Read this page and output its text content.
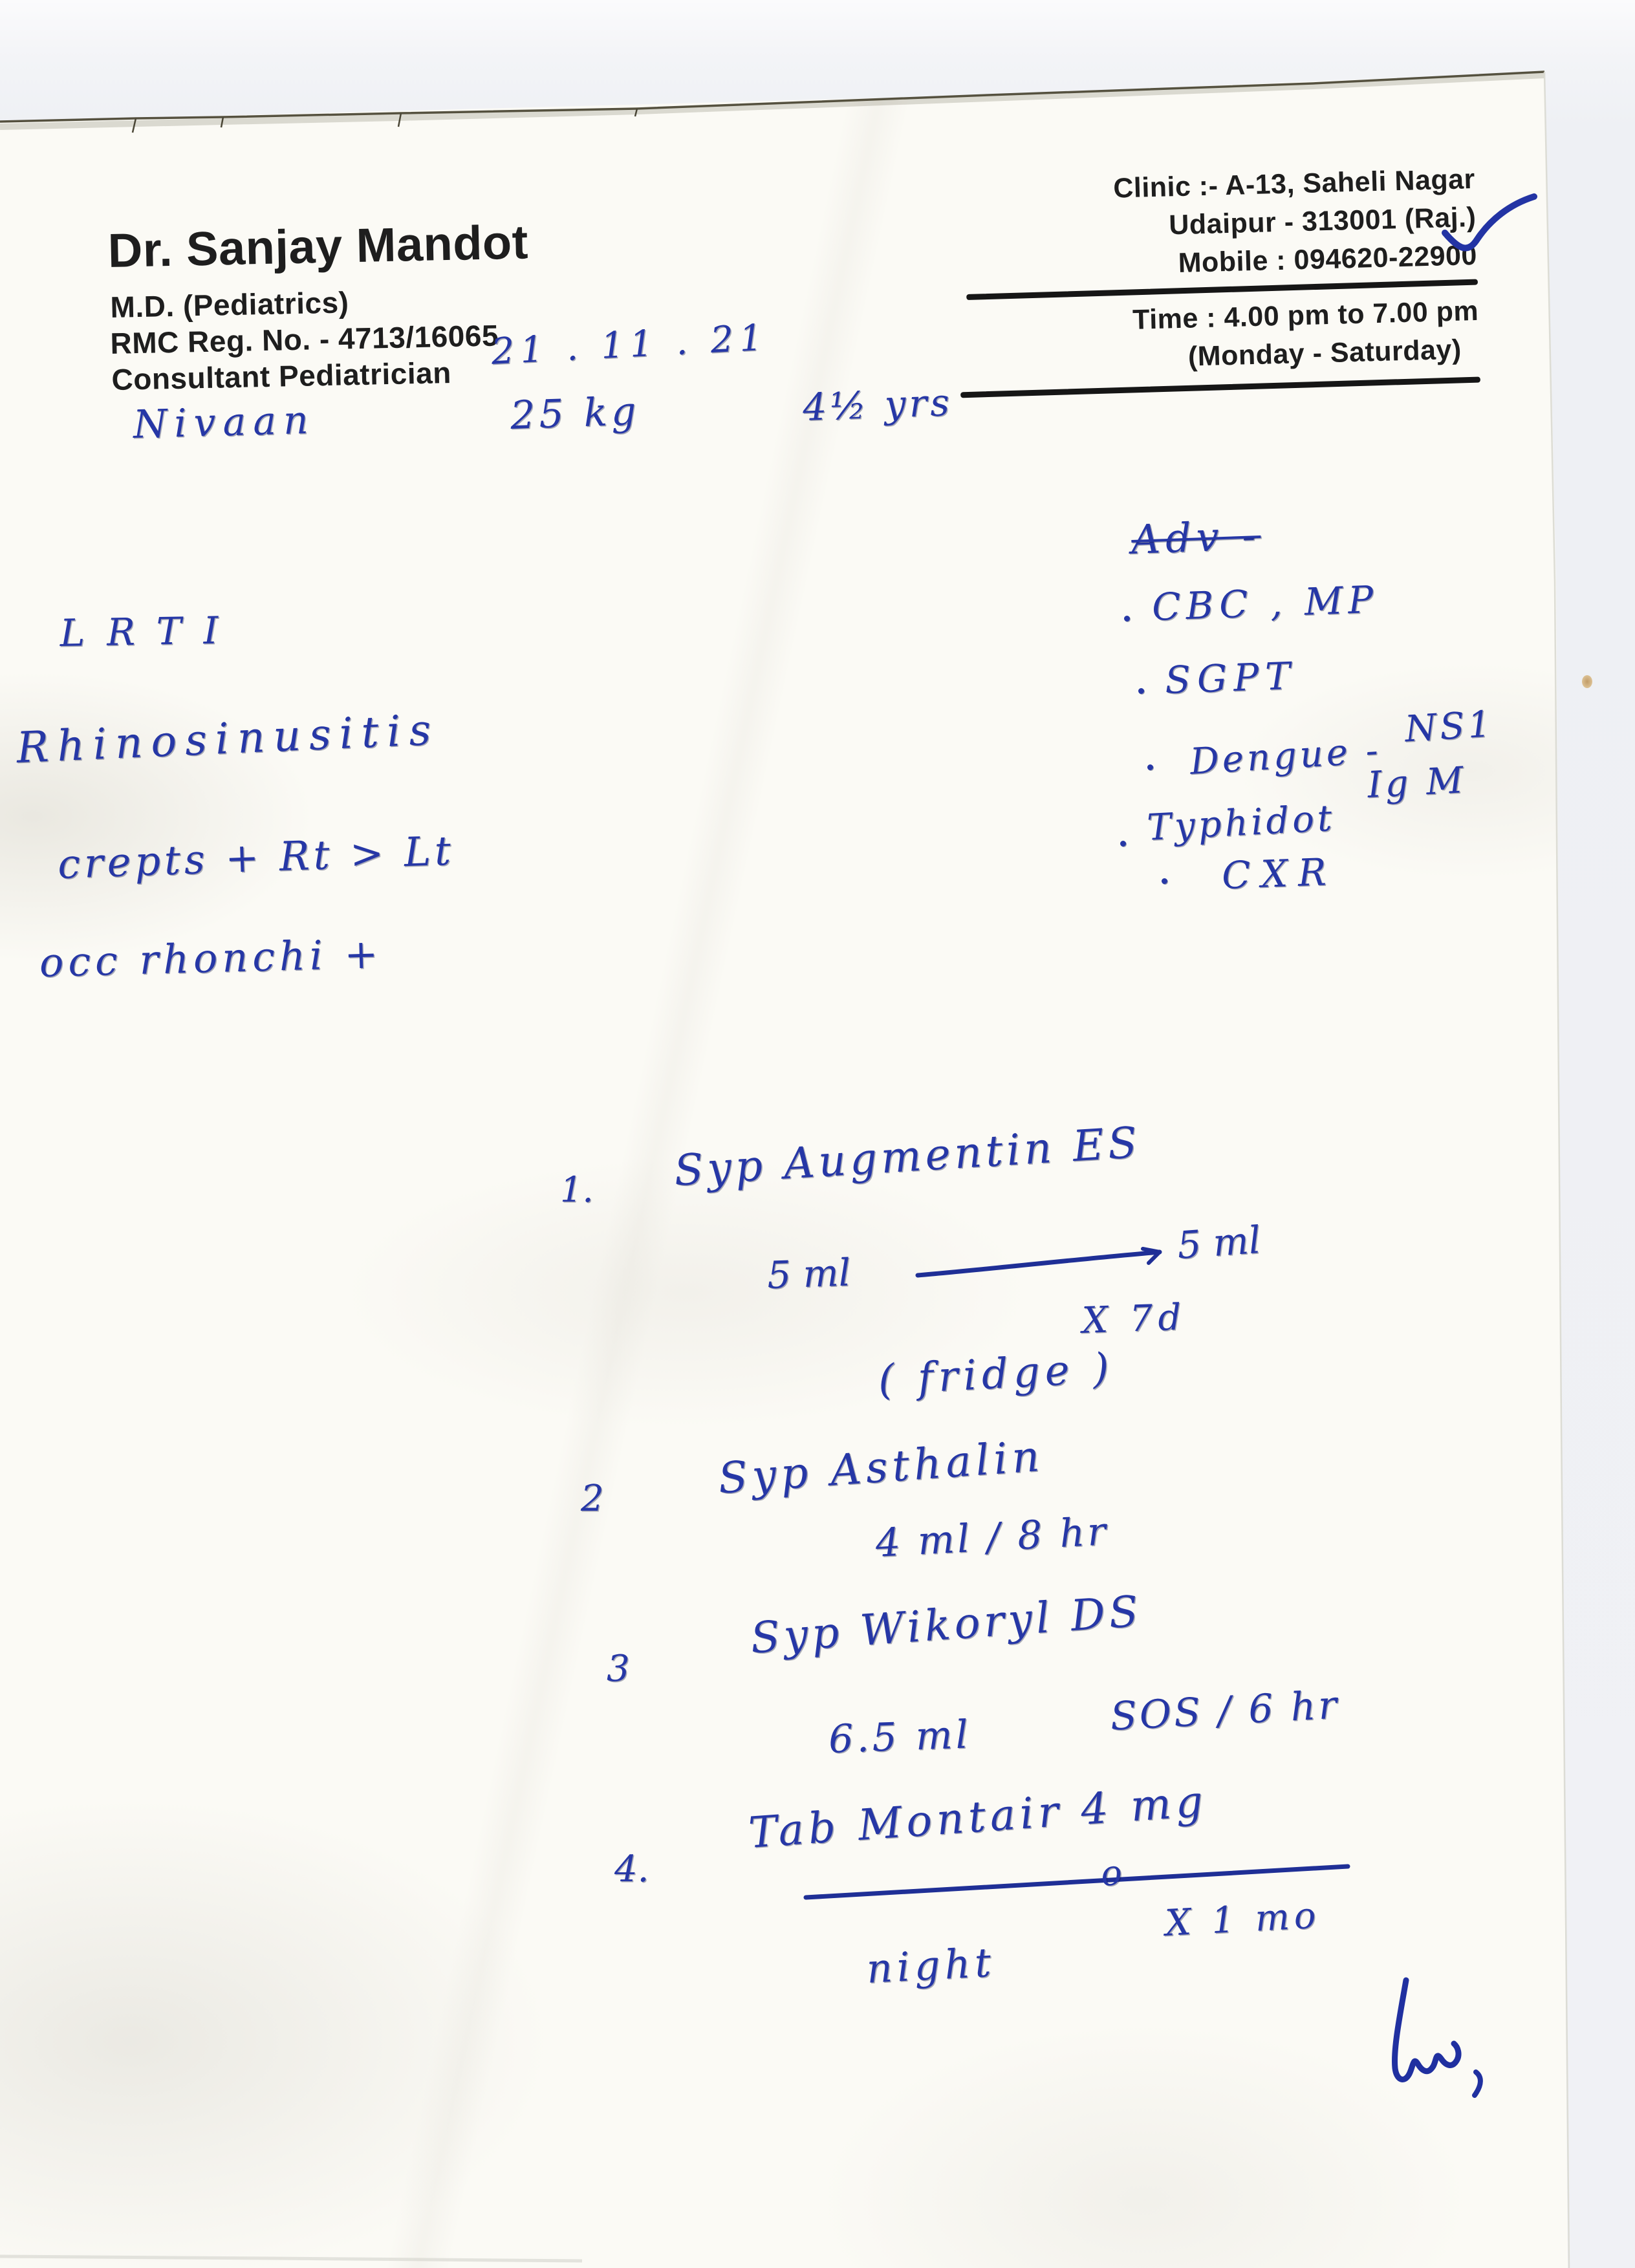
Dr. Sanjay Mandot
M.D. (Pediatrics)
RMC Reg. No. - 4713/16065
Consultant Pediatrician
Clinic :- A-13, Saheli Nagar
Udaipur - 313001 (Raj.)
Mobile : 094620-22900
Time : 4.00 pm to 7.00 pm
(Monday - Saturday)
21 . 11 . 21
Nivaan	25 kg	4½ yrs
LRTI
Rhinosinusitis
crepts + Rt > Lt
occ rhonchi +
Adv -
CBC , MP
SGPT
Dengue - NS1
Typhidot Ig M
CXR
1. Syp Augmentin ES
5 ml
5 ml
X 7d
( fridge )
2	Syp Asthalin
4 ml / 8 hr
3
Syp Wikoryl DS
6.5 ml	SOS / 6 hr
4.
Tab Montair 4 mg
o
X 1 mo
night
